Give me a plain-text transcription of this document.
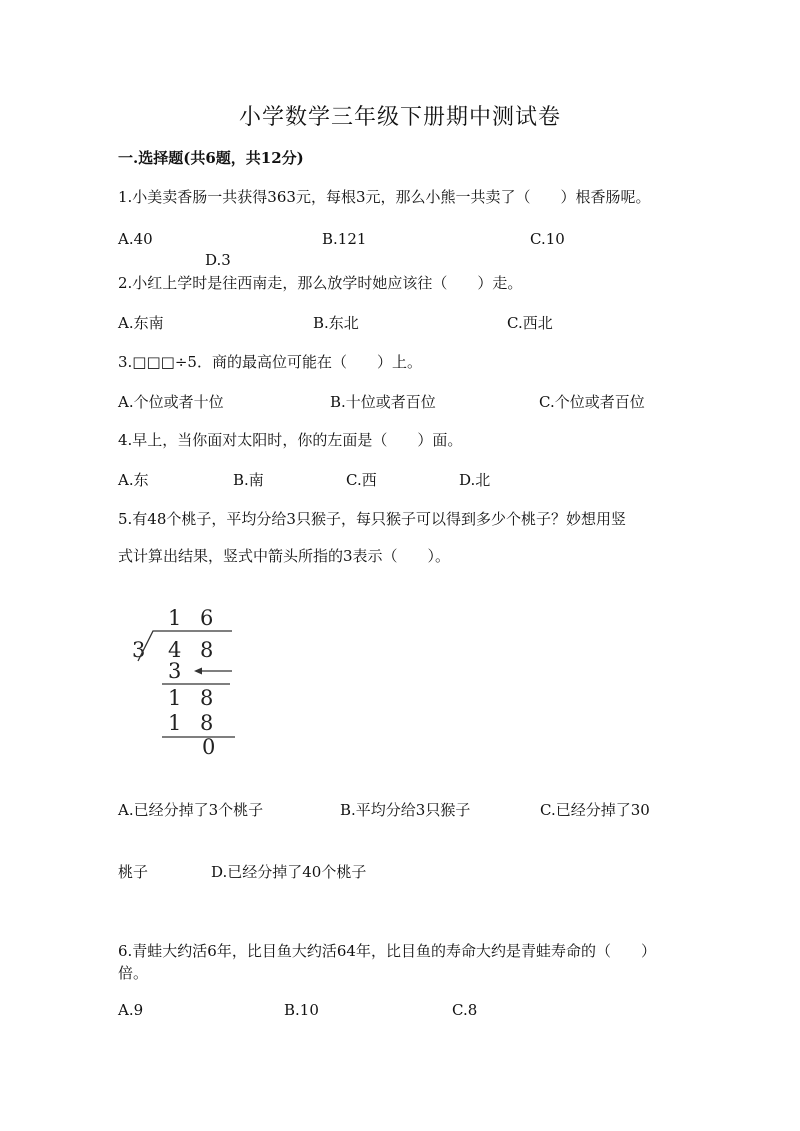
小学数学三年级下册期中测试卷
一.选择题(共6题，共12分)
1.小美卖香肠一共获得363元，每根3元，那么小熊一共卖了（　　）根香肠呢。
A.40	B.121	C.10
D.3
2.小红上学时是往西南走，那么放学时她应该往（　　）走。
A.东南	B.东北	C.西北
3.□□□÷5．商的最高位可能在（　　）上。
A.个位或者十位	B.十位或者百位	C.个位或者百位
4.早上，当你面对太阳时，你的左面是（　　）面。
A.东	B.南	C.西	D.北
5.有48个桃子，平均分给3只猴子，每只猴子可以得到多少个桃子？妙想用竖
式计算出结果，竖式中箭头所指的3表示（　　）。
1 6
3 4 8
3
1 8
1 8
0
A.已经分掉了3个桃子	B.平均分给3只猴子	C.已经分掉了30
桃子	D.已经分掉了40个桃子
6.青蛙大约活6年，比目鱼大约活64年，比目鱼的寿命大约是青蛙寿命的（　　）倍。
A.9	B.10	C.8
